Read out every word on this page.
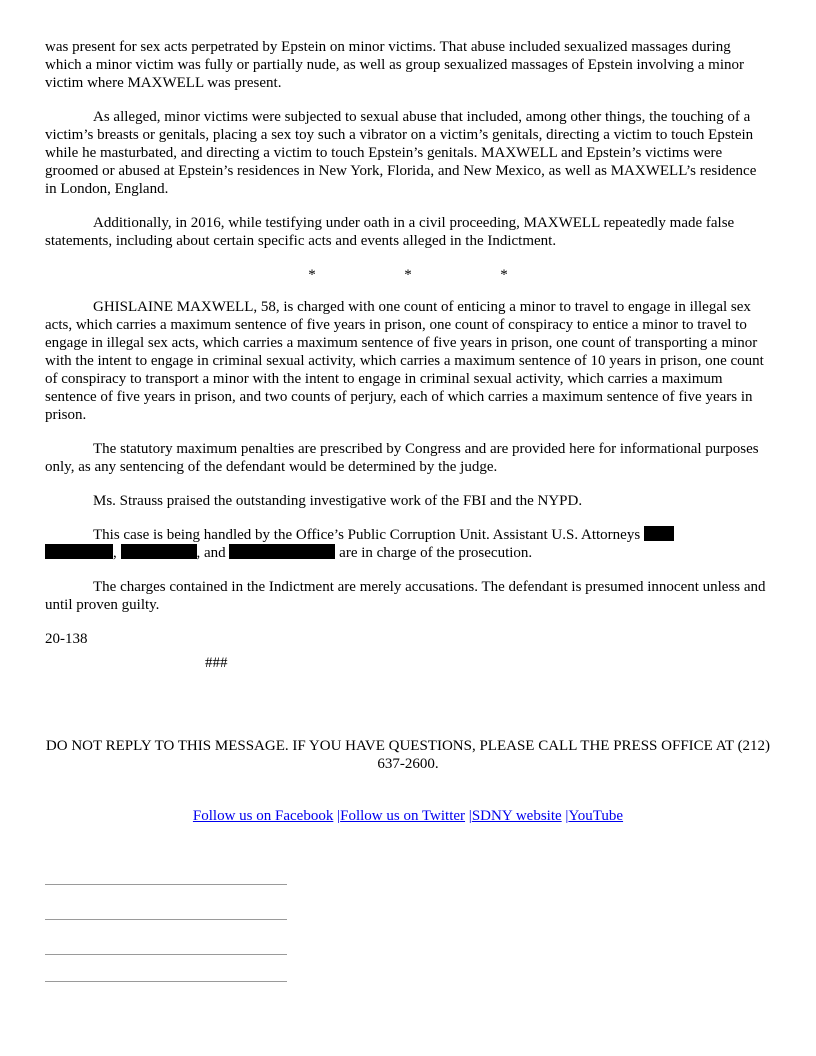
was present for sex acts perpetrated by Epstein on minor victims. That abuse included sexualized massages during which a minor victim was fully or partially nude, as well as group sexualized massages of Epstein involving a minor victim where MAXWELL was present.

As alleged, minor victims were subjected to sexual abuse that included, among other things, the touching of a victim’s breasts or genitals, placing a sex toy such a vibrator on a victim’s genitals, directing a victim to touch Epstein while he masturbated, and directing a victim to touch Epstein’s genitals. MAXWELL and Epstein’s victims were groomed or abused at Epstein’s residences in New York, Florida, and New Mexico, as well as MAXWELL’s residence in London, England.

Additionally, in 2016, while testifying under oath in a civil proceeding, MAXWELL repeatedly made false statements, including about certain specific acts and events alleged in the Indictment.

*	*	*

GHISLAINE MAXWELL, 58, is charged with one count of enticing a minor to travel to engage in illegal sex acts, which carries a maximum sentence of five years in prison, one count of conspiracy to entice a minor to travel to engage in illegal sex acts, which carries a maximum sentence of five years in prison, one count of transporting a minor with the intent to engage in criminal sexual activity, which carries a maximum sentence of 10 years in prison, one count of conspiracy to transport a minor with the intent to engage in criminal sexual activity, which carries a maximum sentence of five years in prison, and two counts of perjury, each of which carries a maximum sentence of five years in prison.

The statutory maximum penalties are prescribed by Congress and are provided here for informational purposes only, as any sentencing of the defendant would be determined by the judge.

Ms. Strauss praised the outstanding investigative work of the FBI and the NYPD.

This case is being handled by the Office’s Public Corruption Unit. Assistant U.S. Attorneys
,	, and	are in charge of the prosecution.

The charges contained in the Indictment are merely accusations. The defendant is presumed innocent unless and until proven guilty.

20-138
###
DO NOT REPLY TO THIS MESSAGE. IF YOU HAVE QUESTIONS, PLEASE CALL THE PRESS OFFICE AT (212) 637-2600.
Follow us on Facebook |Follow us on Twitter |SDNY website |YouTube
